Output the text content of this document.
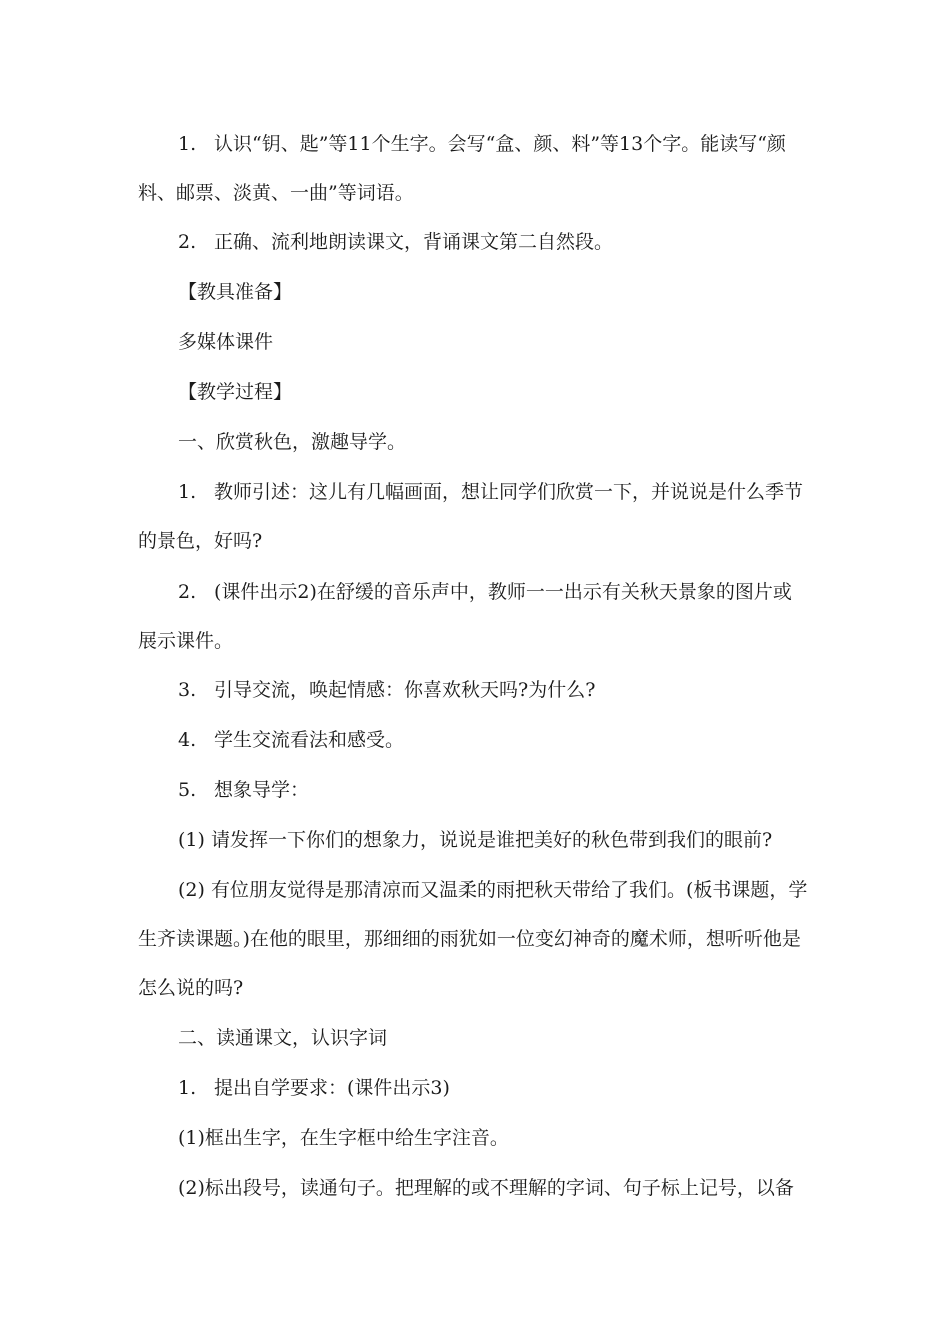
1. 认识“钥、匙”等11个生字。会写“盒、颜、料”等13个字。能读写“颜料、邮票、淡黄、一曲”等词语。

2. 正确、流利地朗读课文，背诵课文第二自然段。

【教具准备】

多媒体课件

【教学过程】

一、欣赏秋色，激趣导学。

1. 教师引述：这儿有几幅画面，想让同学们欣赏一下，并说说是什么季节的景色，好吗?

2. (课件出示2)在舒缓的音乐声中，教师一一出示有关秋天景象的图片或展示课件。

3. 引导交流，唤起情感：你喜欢秋天吗?为什么?

4. 学生交流看法和感受。

5. 想象导学：

(1) 请发挥一下你们的想象力，说说是谁把美好的秋色带到我们的眼前?

(2) 有位朋友觉得是那清凉而又温柔的雨把秋天带给了我们。(板书课题，学生齐读课题。)在他的眼里，那细细的雨犹如一位变幻神奇的魔术师，想听听他是怎么说的吗?

二、读通课文，认识字词

1. 提出自学要求：(课件出示3)

(1)框出生字，在生字框中给生字注音。

(2)标出段号，读通句子。把理解的或不理解的字词、句子标上记号，以备
